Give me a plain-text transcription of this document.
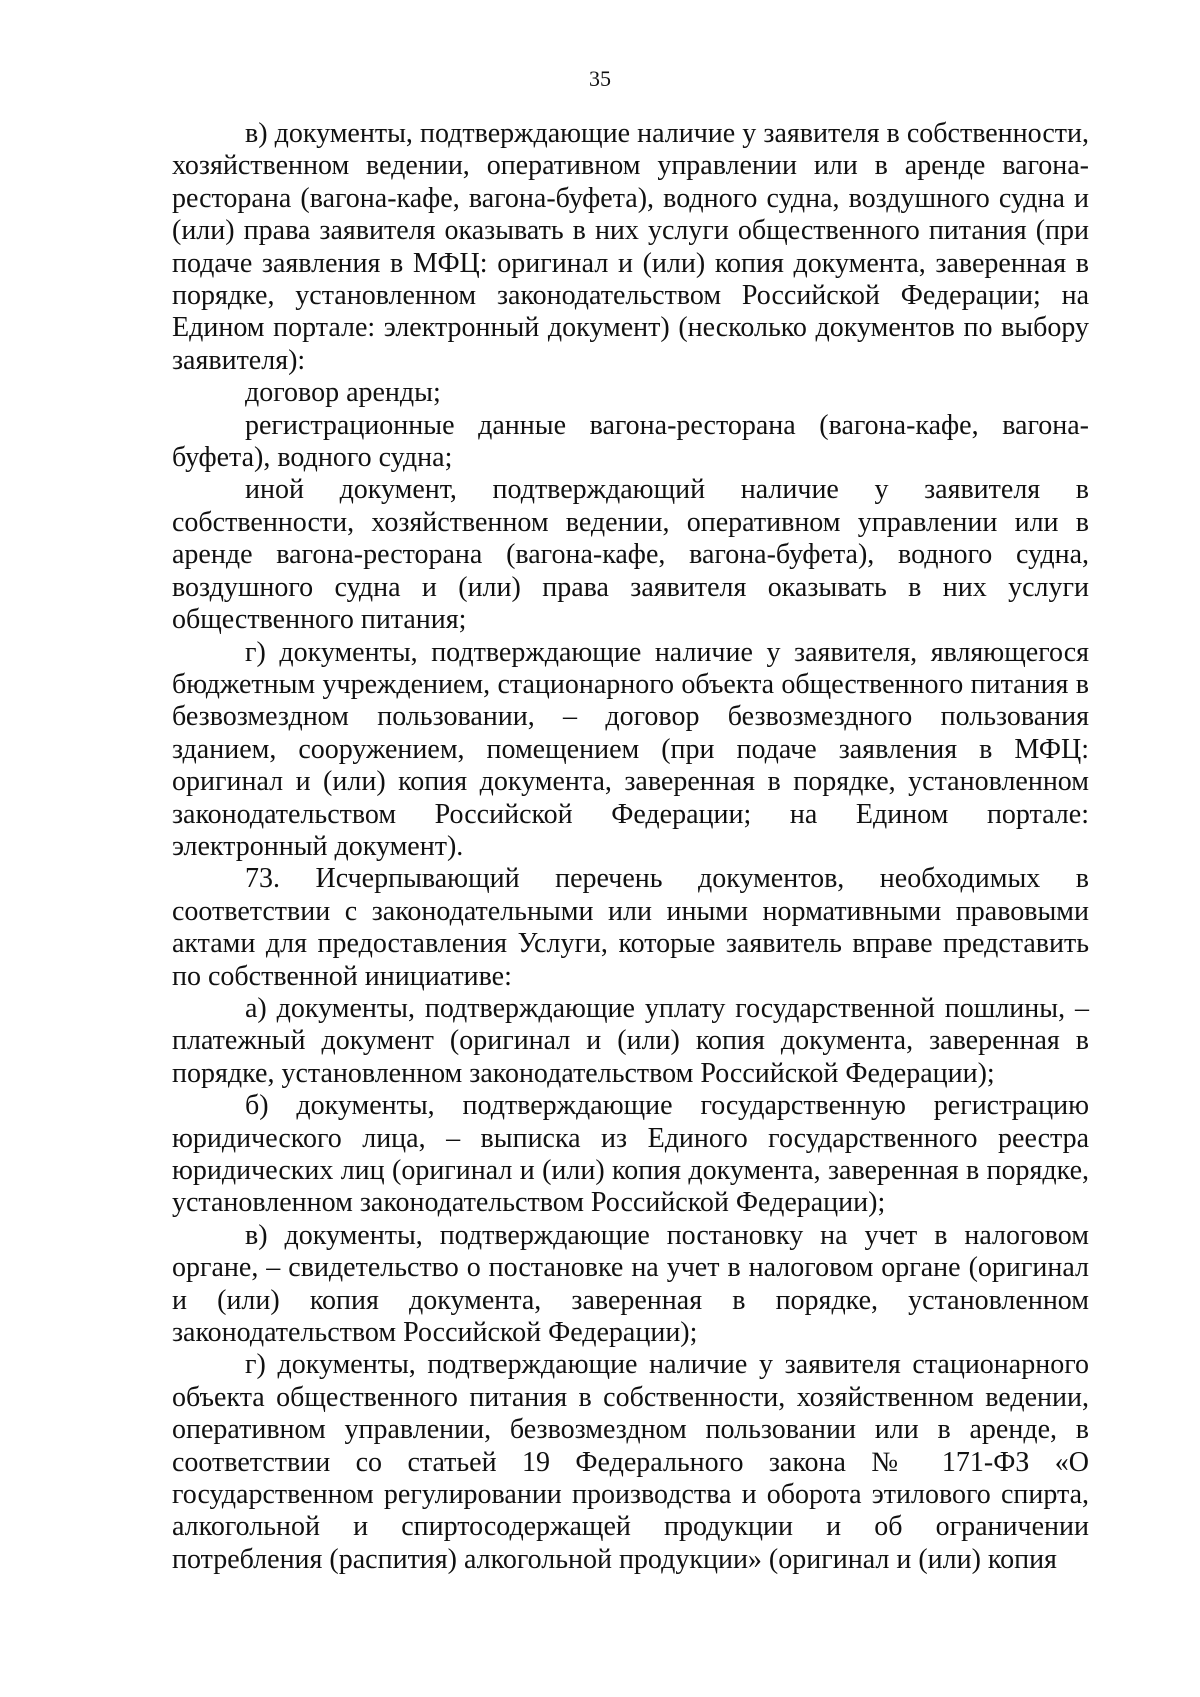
35

в) документы, подтверждающие наличие у заявителя в собственности, хозяйственном ведении, оперативном управлении или в аренде вагона-ресторана (вагона-кафе, вагона-буфета), водного судна, воздушного судна и (или) права заявителя оказывать в них услуги общественного питания (при подаче заявления в МФЦ: оригинал и (или) копия документа, заверенная в порядке, установленном законодательством Российской Федерации; на Едином портале: электронный документ) (несколько документов по выбору заявителя):

договор аренды;

регистрационные данные вагона-ресторана (вагона-кафе, вагона-буфета), водного судна;

иной документ, подтверждающий наличие у заявителя в собственности, хозяйственном ведении, оперативном управлении или в аренде вагона-ресторана (вагона-кафе, вагона-буфета), водного судна, воздушного судна и (или) права заявителя оказывать в них услуги общественного питания;

г) документы, подтверждающие наличие у заявителя, являющегося бюджетным учреждением, стационарного объекта общественного питания в безвозмездном пользовании, – договор безвозмездного пользования зданием, сооружением, помещением (при подаче заявления в МФЦ: оригинал и (или) копия документа, заверенная в порядке, установленном законодательством Российской Федерации; на Едином портале: электронный документ).

73. Исчерпывающий перечень документов, необходимых в соответствии с законодательными или иными нормативными правовыми актами для предоставления Услуги, которые заявитель вправе представить по собственной инициативе:

а) документы, подтверждающие уплату государственной пошлины, – платежный документ (оригинал и (или) копия документа, заверенная в порядке, установленном законодательством Российской Федерации);

б) документы, подтверждающие государственную регистрацию юридического лица, – выписка из Единого государственного реестра юридических лиц (оригинал и (или) копия документа, заверенная в порядке, установленном законодательством Российской Федерации);

в) документы, подтверждающие постановку на учет в налоговом органе, – свидетельство о постановке на учет в налоговом органе (оригинал и (или) копия документа, заверенная в порядке, установленном законодательством Российской Федерации);

г) документы, подтверждающие наличие у заявителя стационарного объекта общественного питания в собственности, хозяйственном ведении, оперативном управлении, безвозмездном пользовании или в аренде, в соответствии со статьей 19 Федерального закона № 171-ФЗ «О государственном регулировании производства и оборота этилового спирта, алкогольной и спиртосодержащей продукции и об ограничении потребления (распития) алкогольной продукции» (оригинал и (или) копия
